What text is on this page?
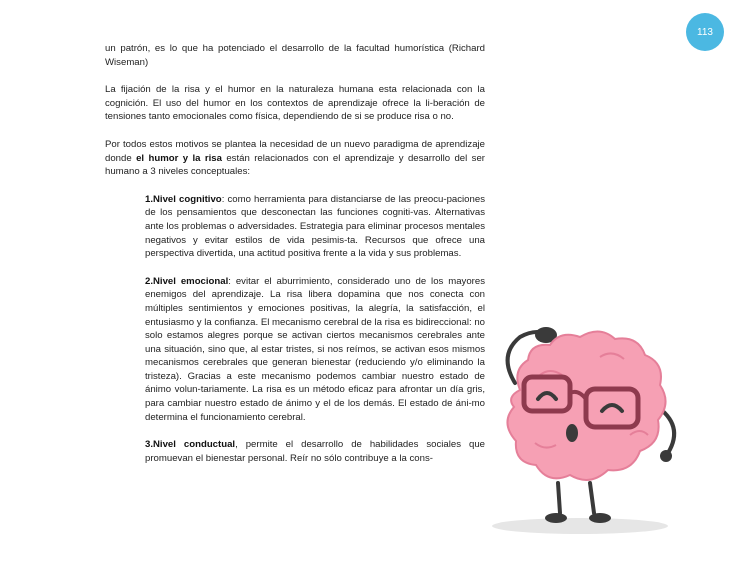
113

un patrón, es lo que ha potenciado el desarrollo de la facultad humorística (Richard Wiseman)

La fijación de la risa y el humor en la naturaleza humana esta relacionada con la cognición. El uso del humor en los contextos de aprendizaje ofrece la li-beración de tensiones tanto emocionales como física, dependiendo de si se produce risa o no.

Por todos estos motivos se plantea la necesidad de un nuevo paradigma de aprendizaje donde el humor y la risa están relacionados con el aprendizaje y desarrollo del ser humano a 3 niveles conceptuales:

1.Nivel cognitivo: como herramienta para distanciarse de las preocu-paciones de los pensamientos que desconectan las funciones cogniti-vas. Alternativas ante los problemas o adversidades. Estrategia para eliminar procesos mentales negativos y evitar estilos de vida pesimis-ta. Recursos que ofrece una perspectiva divertida, una actitud positiva frente a la vida y sus problemas.

2.Nivel emocional: evitar el aburrimiento, considerado uno de los mayores enemigos del aprendizaje. La risa libera dopamina que nos conecta con múltiples sentimientos y emociones positivas, la alegría, la satisfacción, el entusiasmo y la confianza. El mecanismo cerebral de la risa es bidireccional: no solo estamos alegres porque se activan ciertos mecanismos cerebrales ante una situación, sino que, al estar tristes, si nos reímos, se activan esos mismos mecanismos cerebrales que generan bienestar (reduciendo y/o eliminando la tristeza). Gracias a este mecanismo podemos cambiar nuestro estado de ánimo volun-tariamente. La risa es un método eficaz para afrontar un día gris, para cambiar nuestro estado de ánimo y el de los demás. El estado de áni-mo determina el funcionamiento cerebral.

3.Nivel conductual, permite el desarrollo de habilidades sociales que promuevan el bienestar personal. Reír no sólo contribuye a la cons-
